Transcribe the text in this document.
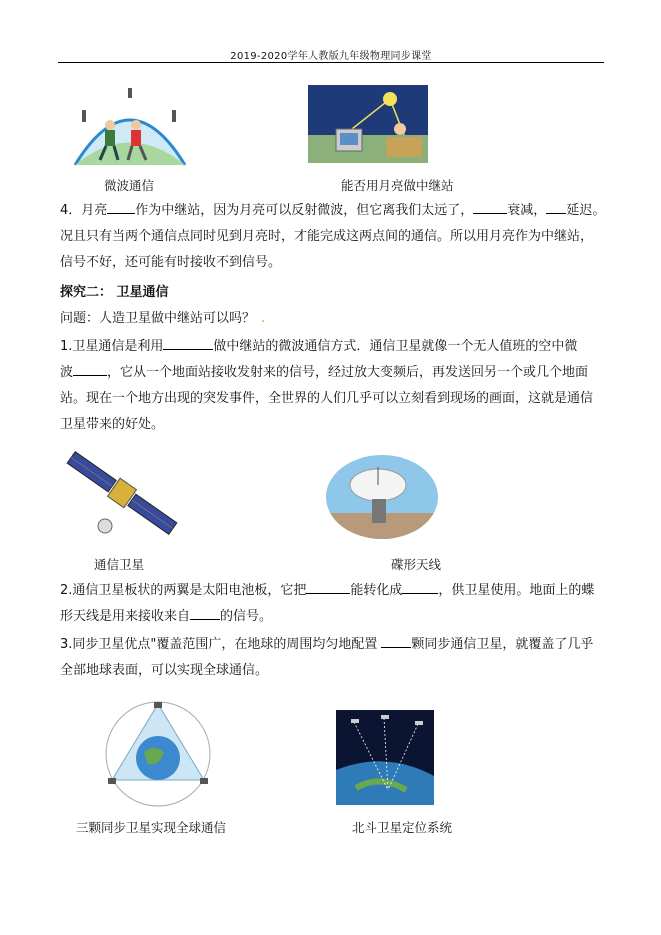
2019-2020学年人教版九年级物理同步课堂
微波通信	能否用月亮做中继站

4．月亮 作为中继站，因为月亮可以反射微波，但它离我们太远了，	衰减， 延迟。
况且只有当两个通信点同时见到月亮时，才能完成这两点间的通信。所以用月亮作为中继站，
信号不好，还可能有时接收不到信号。

探究二： 卫星通信

问题：人造卫星做中继站可以吗？ .

1.卫星通信是利用	做中继站的微波通信方式．通信卫星就像一个无人值班的空中微
波	，它从一个地面站接收发射来的信号，经过放大变频后，再发送回另一个或几个地面
站。现在一个地方出现的突发事件，全世界的人们几乎可以立刻看到现场的画面，这就是通信
卫星带来的好处。

通信卫星	碟形天线

2.通信卫星板状的两翼是太阳电池板，它把	能转化成	，供卫星使用。地面上的蝶
形天线是用来接收来自 的信号。

3.同步卫星优点"覆盖范围广，在地球的周围均匀地配置	颗同步通信卫星，就覆盖了几乎
全部地球表面，可以实现全球通信。

三颗同步卫星实现全球通信	北斗卫星定位系统
